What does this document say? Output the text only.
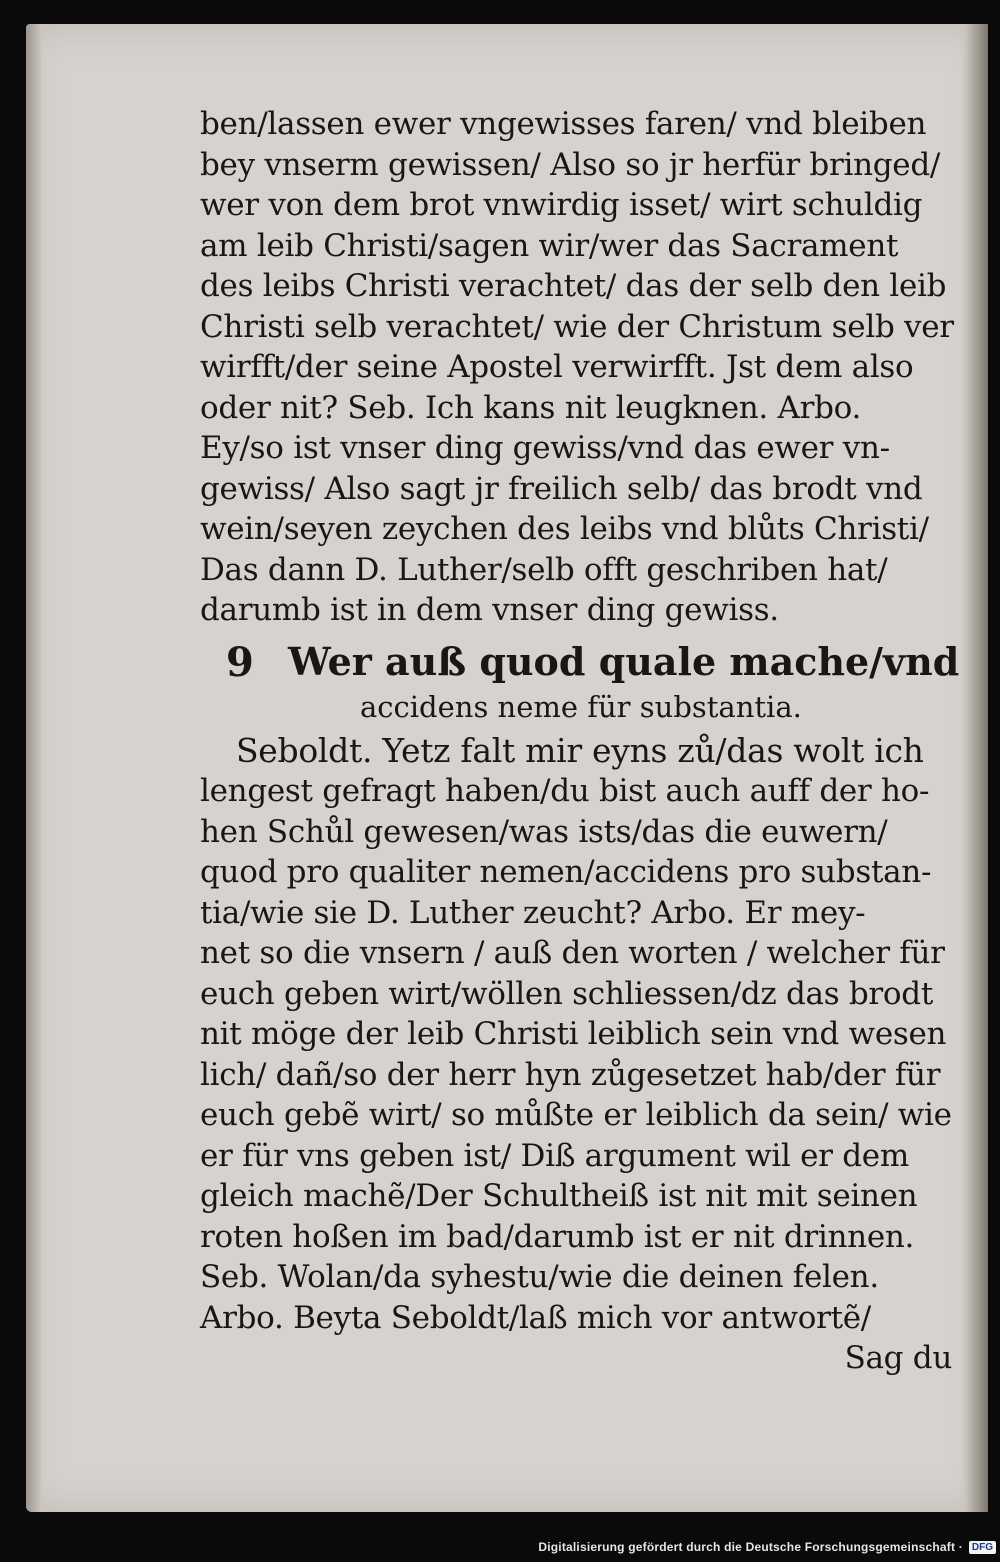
ben/lassen ewer vngewisses faren/ vnd bleiben
bey vnserm gewissen/ Also so jr herfür bringed/
wer von dem brot vnwirdig isset/ wirt schuldig
am leib Christi/sagen wir/wer das Sacrament
des leibs Christi verachtet/ das der selb den leib
Christi selb verachtet/ wie der Christum selb ver
wirfft/der seine Apostel verwirfft. Jst dem also
oder nit? Seb. Ich kans nit leugknen. Arbo.
Ey/so ist vnser ding gewiss/vnd das ewer vn-
gewiss/ Also sagt jr freilich selb/ das brodt vnd
wein/seyen zeychen des leibs vnd blůts Christi/
Das dann D. Luther/selb offt geschriben hat/
darumb ist in dem vnser ding gewiss.
9 Wer auß quod quale mache/vnd
accidens neme für substantia.
Seboldt. Yetz falt mir eyns zů/das wolt ich
lengest gefragt haben/du bist auch auff der ho-
hen Schůl gewesen/was ists/das die euwern/
quod pro qualiter nemen/accidens pro substan-
tia/wie sie D. Luther zeucht? Arbo. Er mey-
net so die vnsern / auß den worten / welcher für
euch geben wirt/wöllen schliessen/dz das brodt
nit möge der leib Christi leiblich sein vnd wesen
lich/ dañ/so der herr hyn zůgesetzet hab/der für
euch gebẽ wirt/ so můßte er leiblich da sein/ wie
er für vns geben ist/ Diß argument wil er dem
gleich machẽ/Der Schultheiß ist nit mit seinen
roten hoßen im bad/darumb ist er nit drinnen.
Seb. Wolan/da syhestu/wie die deinen felen.
Arbo. Beyta Seboldt/laß mich vor antwortẽ/
Sag du
Digitalisierung gefördert durch die Deutsche Forschungsgemeinschaft · DFG
